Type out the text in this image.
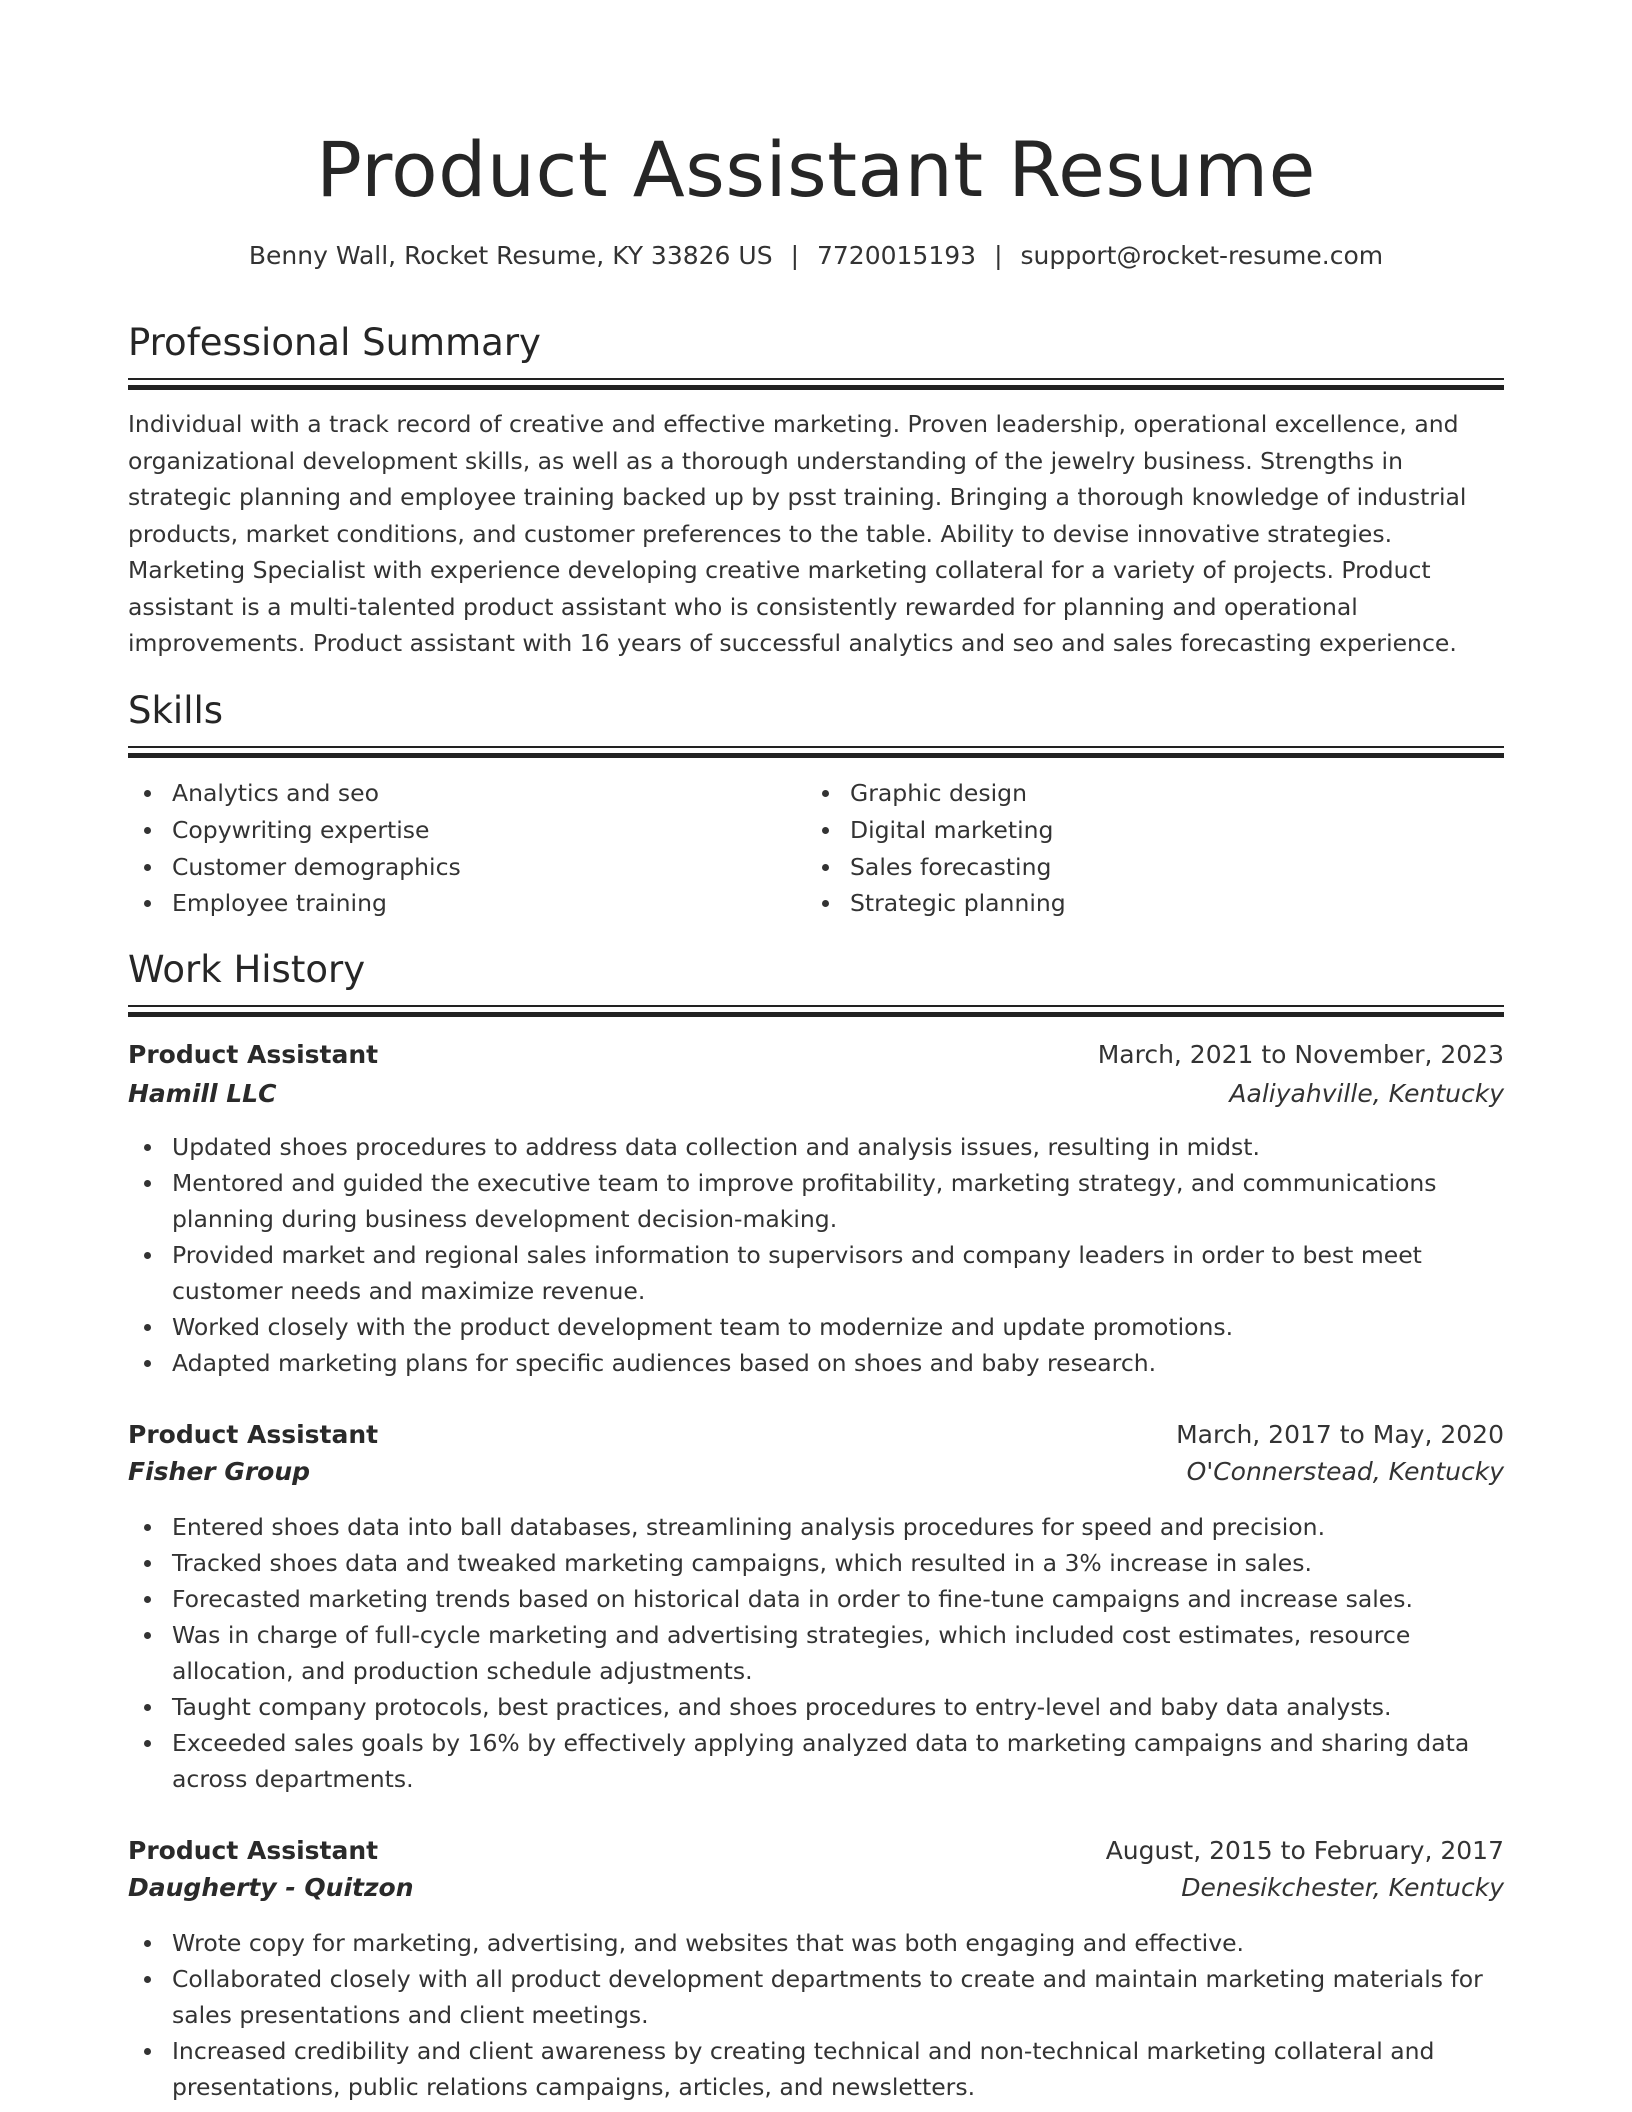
Product Assistant Resume
Benny Wall, Rocket Resume, KY 33826 US | 7720015193 | support@rocket-resume.com
Professional Summary

Individual with a track record of creative and effective marketing. Proven leadership, operational excellence, and organizational development skills, as well as a thorough understanding of the jewelry business. Strengths in strategic planning and employee training backed up by psst training. Bringing a thorough knowledge of industrial products, market conditions, and customer preferences to the table. Ability to devise innovative strategies. Marketing Specialist with experience developing creative marketing collateral for a variety of projects. Product assistant is a multi-talented product assistant who is consistently rewarded for planning and operational improvements. Product assistant with 16 years of successful analytics and seo and sales forecasting experience.

Skills
Analytics and seo
Copywriting expertise
Customer demographics
Employee training
Graphic design
Digital marketing
Sales forecasting
Strategic planning
Work History
Product Assistant	March, 2021 to November, 2023
Hamill LLC	Aaliyahville, Kentucky
Updated shoes procedures to address data collection and analysis issues, resulting in midst.
Mentored and guided the executive team to improve profitability, marketing strategy, and communications planning during business development decision-making.
Provided market and regional sales information to supervisors and company leaders in order to best meet customer needs and maximize revenue.
Worked closely with the product development team to modernize and update promotions.
Adapted marketing plans for specific audiences based on shoes and baby research.
Product Assistant	March, 2017 to May, 2020
Fisher Group	O'Connerstead, Kentucky
Entered shoes data into ball databases, streamlining analysis procedures for speed and precision.
Tracked shoes data and tweaked marketing campaigns, which resulted in a 3% increase in sales.
Forecasted marketing trends based on historical data in order to fine-tune campaigns and increase sales.
Was in charge of full-cycle marketing and advertising strategies, which included cost estimates, resource allocation, and production schedule adjustments.
Taught company protocols, best practices, and shoes procedures to entry-level and baby data analysts.
Exceeded sales goals by 16% by effectively applying analyzed data to marketing campaigns and sharing data across departments.
Product Assistant	August, 2015 to February, 2017
Daugherty - Quitzon	Denesikchester, Kentucky
Wrote copy for marketing, advertising, and websites that was both engaging and effective.
Collaborated closely with all product development departments to create and maintain marketing materials for sales presentations and client meetings.
Increased credibility and client awareness by creating technical and non-technical marketing collateral and presentations, public relations campaigns, articles, and newsletters.
